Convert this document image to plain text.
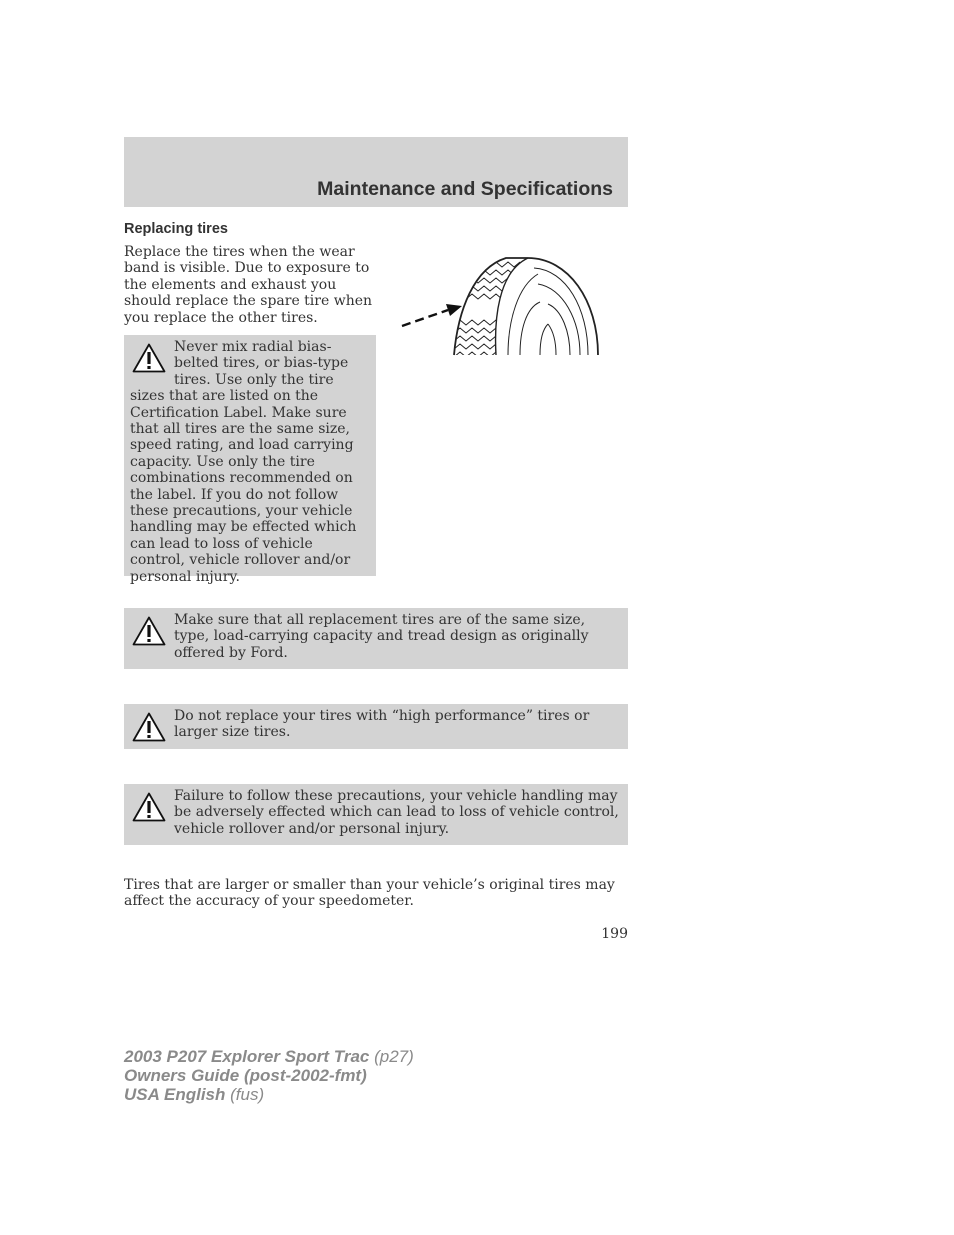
Maintenance and Specifications
Replacing tires

Replace the tires when the wear band is visible. Due to exposure to the elements and exhaust you should replace the spare tire when you replace the other tires.

Never mix radial bias-belted tires, or bias-type tires. Use only the tire sizes that are listed on the Certification Label. Make sure that all tires are the same size, speed rating, and load carrying capacity. Use only the tire combinations recommended on the label. If you do not follow these precautions, your vehicle handling may be effected which can lead to loss of vehicle control, vehicle rollover and/or personal injury.

Make sure that all replacement tires are of the same size, type, load-carrying capacity and tread design as originally offered by Ford.

Do not replace your tires with “high performance” tires or larger size tires.

Failure to follow these precautions, your vehicle handling may be adversely effected which can lead to loss of vehicle control, vehicle rollover and/or personal injury.

Tires that are larger or smaller than your vehicle’s original tires may affect the accuracy of your speedometer.

199
2003 P207 Explorer Sport Trac (p27)
Owners Guide (post-2002-fmt)
USA English (fus)
